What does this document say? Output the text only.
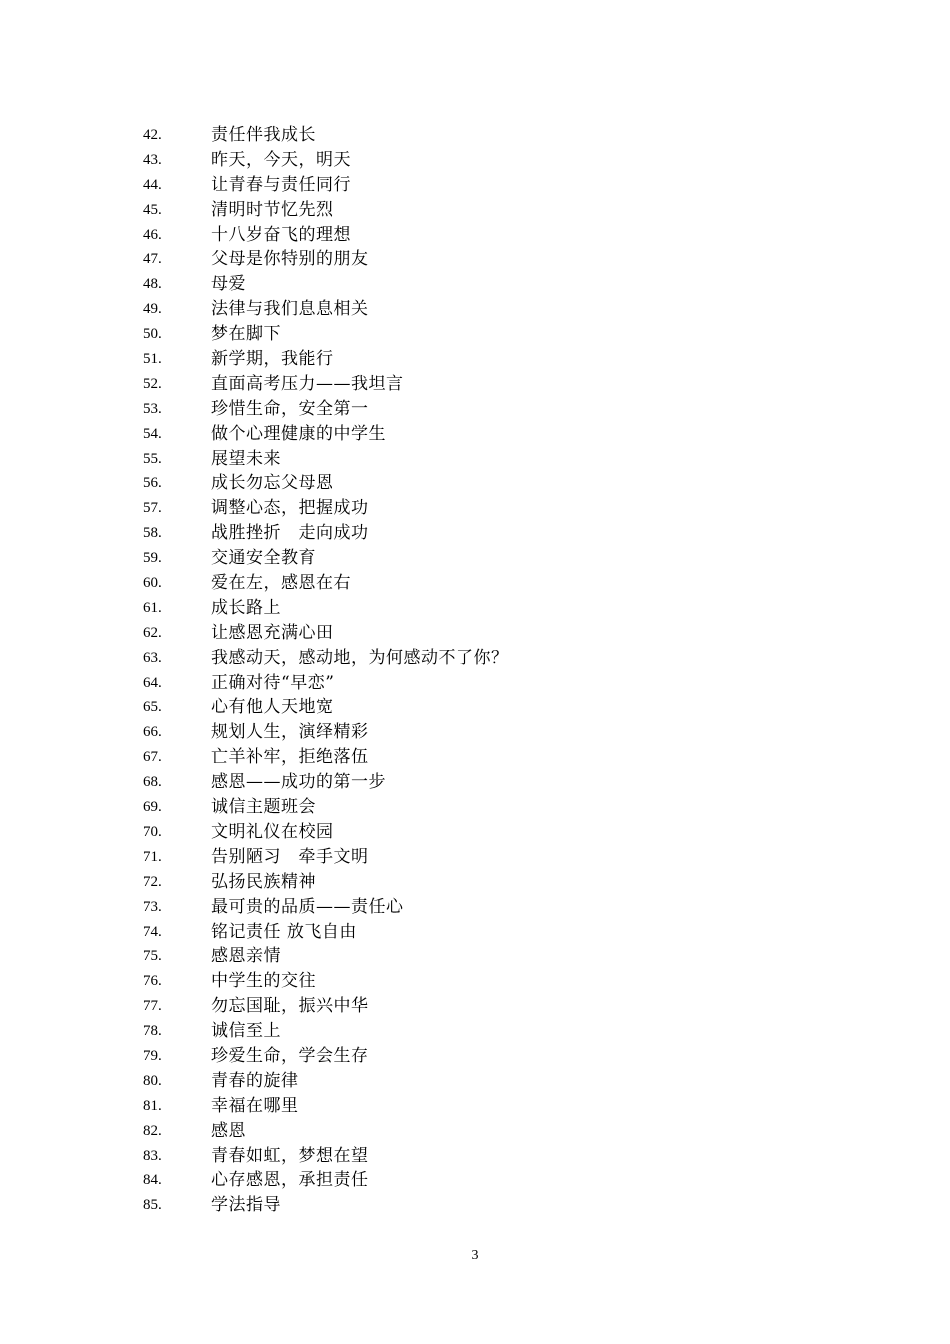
42.	责任伴我成长
43.	昨天，今天，明天
44.	让青春与责任同行
45.	清明时节忆先烈
46.	十八岁奋飞的理想
47.	父母是你特别的朋友
48.	母爱
49.	法律与我们息息相关
50.	梦在脚下
51.	新学期，我能行
52.	直面高考压力——我坦言
53.	珍惜生命，安全第一
54.	做个心理健康的中学生
55.	展望未来
56.	成长勿忘父母恩
57.	调整心态，把握成功
58.	战胜挫折　走向成功
59.	交通安全教育
60.	爱在左，感恩在右
61.	成长路上
62.	让感恩充满心田
63.	我感动天，感动地，为何感动不了你？
64.	正确对待“早恋”
65.	心有他人天地宽
66.	规划人生，演绎精彩
67.	亡羊补牢，拒绝落伍
68.	感恩——成功的第一步
69.	诚信主题班会
70.	文明礼仪在校园
71.	告别陋习　牵手文明
72.	弘扬民族精神
73.	最可贵的品质——责任心
74.	铭记责任 放飞自由
75.	感恩亲情
76.	中学生的交往
77.	勿忘国耻，振兴中华
78.	诚信至上
79.	珍爱生命，学会生存
80.	青春的旋律
81.	幸福在哪里
82.	感恩
83.	青春如虹，梦想在望
84.	心存感恩，承担责任
85.	学法指导
3
